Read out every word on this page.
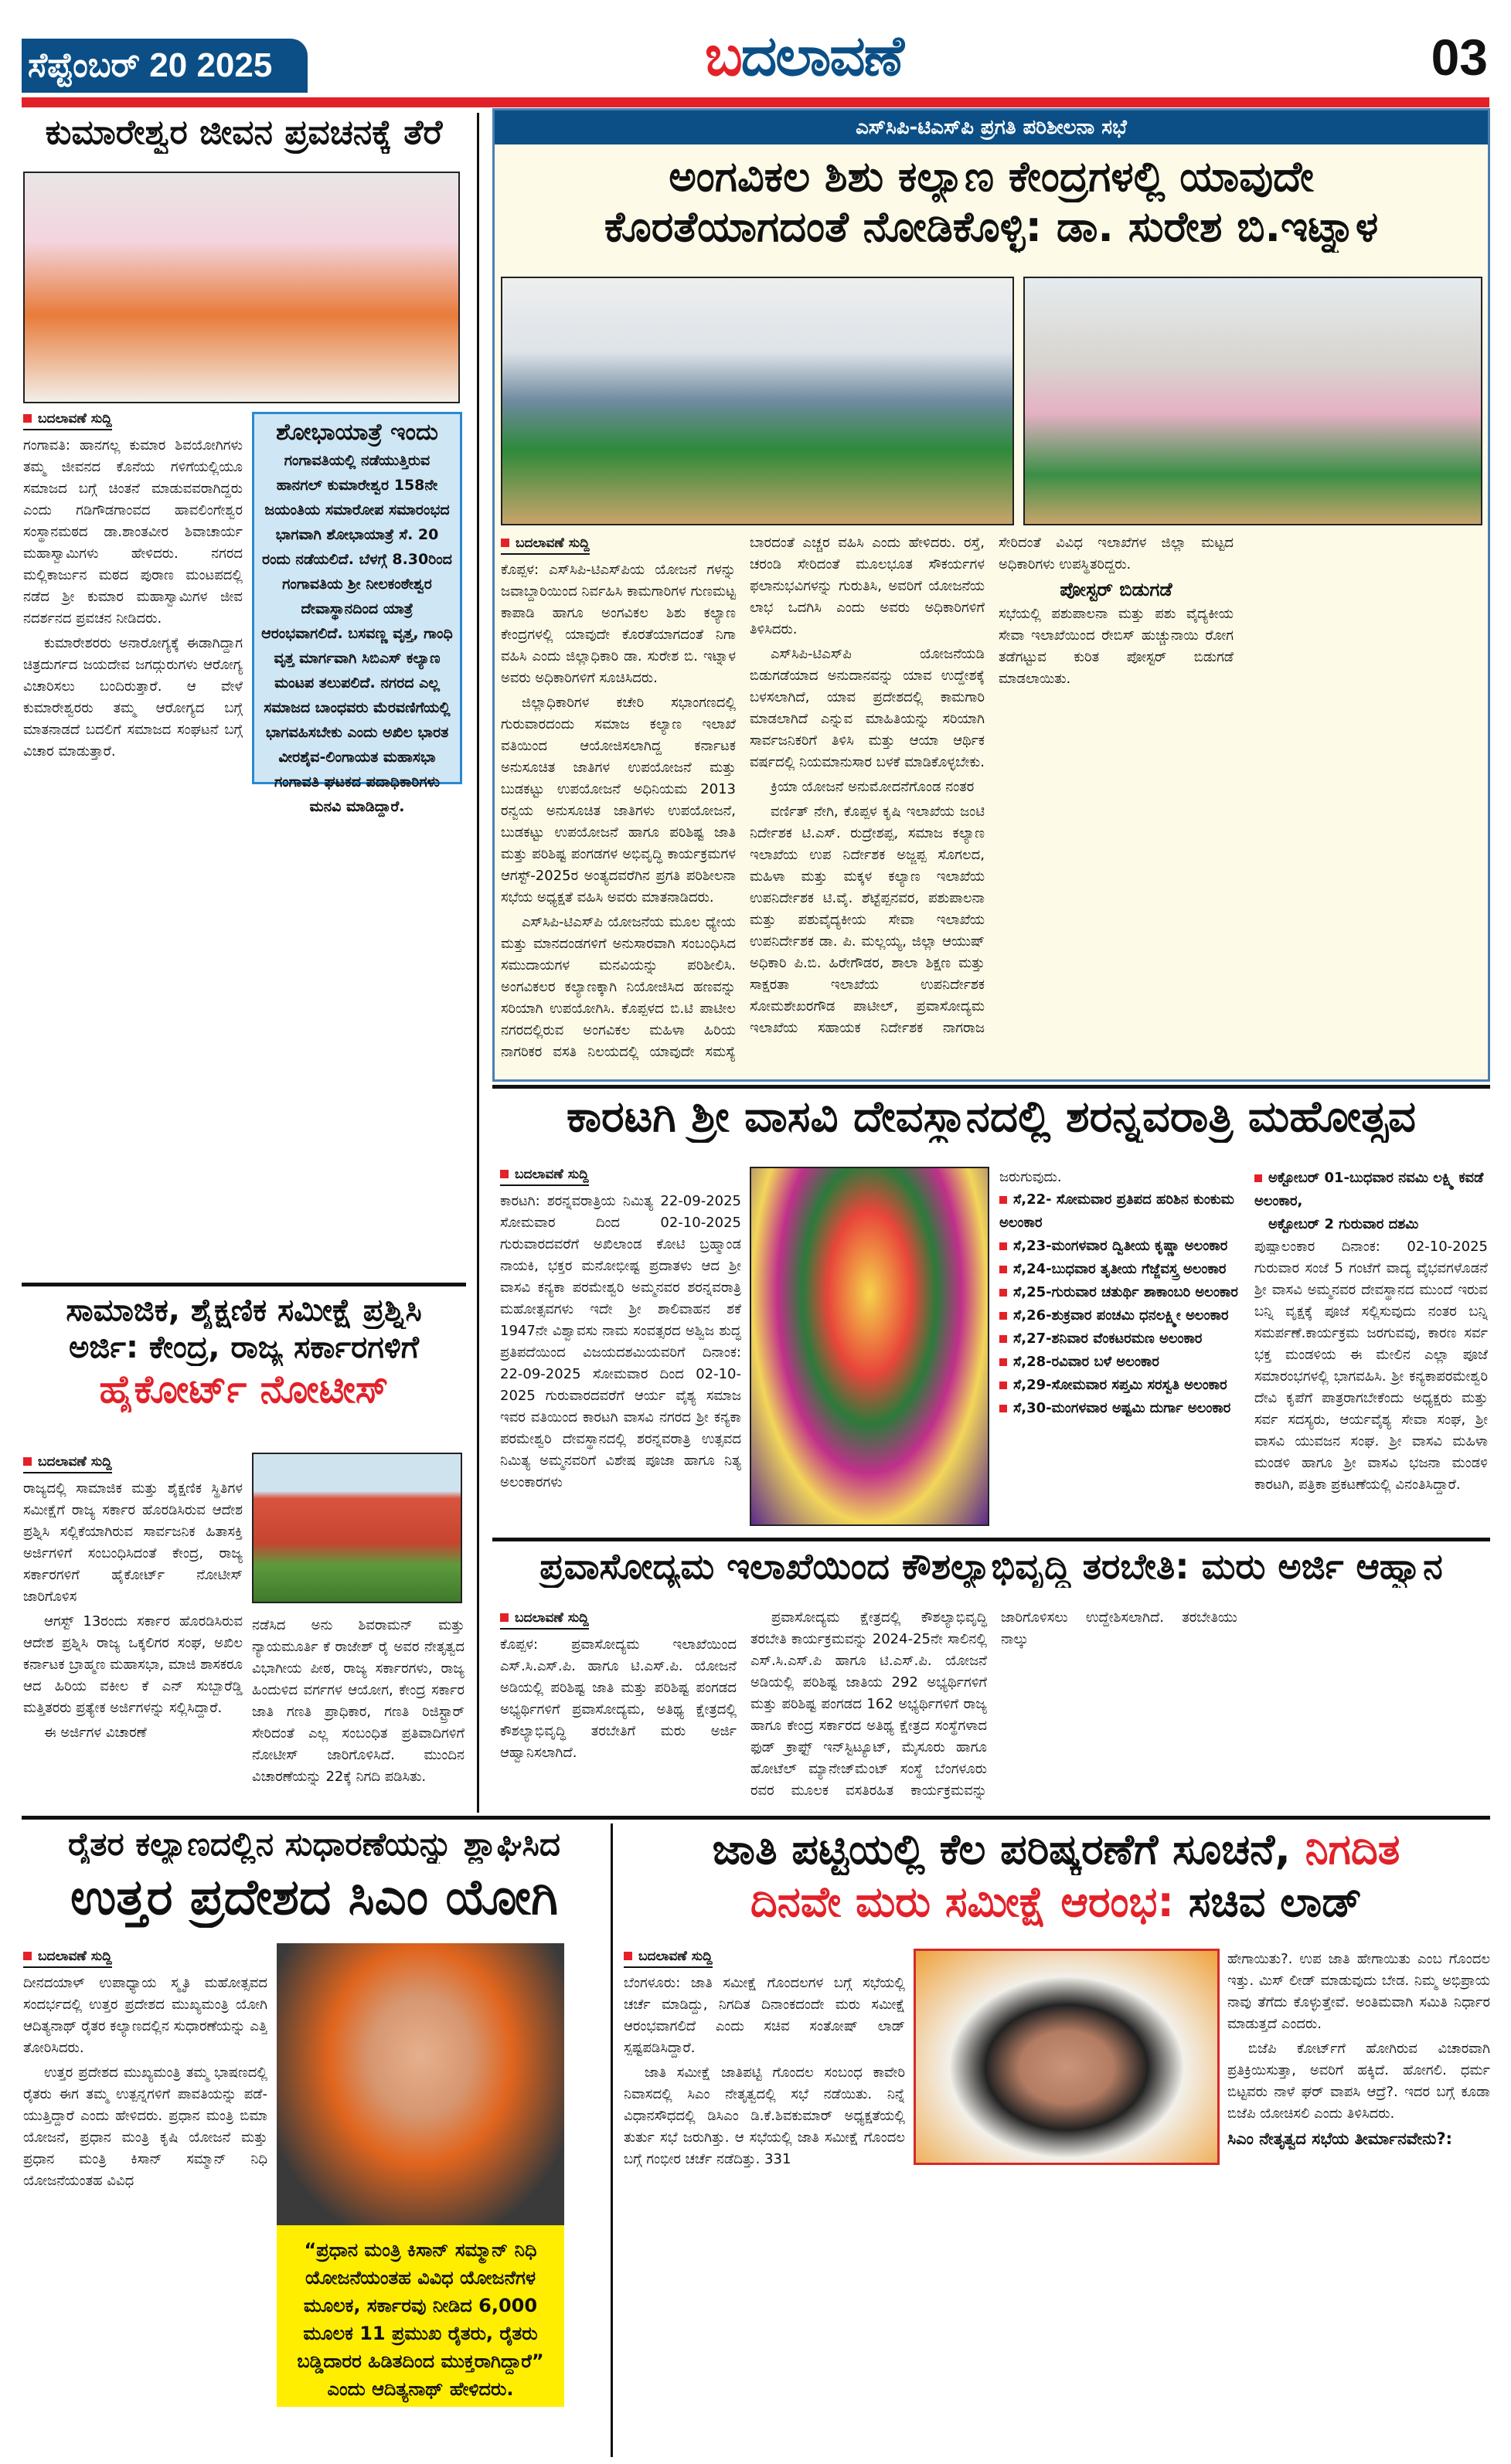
ಸೆಪ್ಟೆಂಬರ್ 20 2025	ಬದಲಾವಣೆ	03
ಕುಮಾರೇಶ್ವರ ಜೀವನ ಪ್ರವಚನಕ್ಕೆ ತೆರೆ
ಬದಲಾವಣೆ ಸುದ್ದಿ

ಗಂಗಾವತಿ: ಹಾನಗಲ್ಲ ಕುಮಾರ ಶಿವಯೋಗಿಗಳು ತಮ್ಮ ಜೀವನದ ಕೊನೆಯ ಗಳಿಗೆಯಲ್ಲಿಯೂ ಸಮಾಜದ ಬಗ್ಗೆ ಚಿಂತನೆ ಮಾಡುವವರಾಗಿದ್ದರು ಎಂದು ಗಡಿಗೌಡಗಾಂವದ ಹಾವಲಿಂಗೇಶ್ವರ ಸಂಸ್ಥಾನಮಠದ ಡಾ.ಶಾಂತವೀರ ಶಿವಾಚಾರ್ಯ ಮಹಾಸ್ವಾಮಿಗಳು ಹೇಳಿದರು. ನಗರದ ಮಲ್ಲಿಕಾರ್ಜುನ ಮಠದ ಪುರಾಣ ಮಂಟಪದಲ್ಲಿ ನಡೆದ ಶ್ರೀ ಕುಮಾರ ಮಹಾಸ್ವಾಮಿಗಳ ಜೀವ ನದರ್ಶನದ ಪ್ರವಚನ ನೀಡಿದರು.

ಕುಮಾರೇಶರರು ಅನಾರೋಗ್ಯಕ್ಕೆ ಈಡಾಗಿದ್ದಾಗ ಚಿತ್ರದುರ್ಗದ ಜಯದೇವ ಜಗದ್ಗುರುಗಳು ಆರೋಗ್ಯ ವಿಚಾರಿಸಲು ಬಂದಿರುತ್ತಾರೆ. ಆ ವೇಳೆ ಕುಮಾರೇಶ್ವರರು ತಮ್ಮ ಆರೋಗ್ಯದ ಬಗ್ಗೆ ಮಾತನಾಡದೆ ಬದಲಿಗೆ ಸಮಾಜದ ಸಂಘಟನೆ ಬಗ್ಗೆ ವಿಚಾರ ಮಾಡುತ್ತಾರೆ.

ಶೋಭಾಯಾತ್ರೆ ಇಂದು
ಗಂಗಾವತಿಯಲ್ಲಿ ನಡೆಯುತ್ತಿರುವ ಹಾನಗಲ್ ಕುಮಾರೇಶ್ವರ 158ನೇ ಜಯಂತಿಯ ಸಮಾರೋಪ ಸಮಾರಂಭದ ಭಾಗವಾಗಿ ಶೋಭಾಯಾತ್ರೆ ಸೆ. 20 ರಂದು ನಡೆಯಲಿದೆ. ಬೆಳಗ್ಗೆ 8.30ರಿಂದ ಗಂಗಾವತಿಯ ಶ್ರೀ ನೀಲಕಂಠೇಶ್ವರ ದೇವಾಸ್ಥಾನದಿಂದ ಯಾತ್ರೆ ಆರಂಭವಾಗಲಿದೆ. ಬಸವಣ್ಣ ವೃತ್ತ, ಗಾಂಧಿ ವೃತ್ತ ಮಾರ್ಗವಾಗಿ ಸಿಬಿಎಸ್ ಕಲ್ಯಾಣ ಮಂಟಪ ತಲುಪಲಿದೆ. ನಗರದ ಎಲ್ಲ ಸಮಾಜದ ಬಾಂಧವರು ಮೆರವಣಿಗೆಯಲ್ಲಿ ಭಾಗವಹಿಸಬೇಕು ಎಂದು ಅಖಿಲ ಭಾರತ ವೀರಶೈವ-ಲಿಂಗಾಯತ ಮಹಾಸಭಾ ಗಂಗಾವತಿ ಘಟಕದ ಪದಾಧಿಕಾರಿಗಳು ಮನವಿ ಮಾಡಿದ್ದಾರೆ.
ಸಾಮಾಜಿಕ, ಶೈಕ್ಷಣಿಕ ಸಮೀಕ್ಷೆ ಪ್ರಶ್ನಿಸಿ
ಅರ್ಜಿ: ಕೇಂದ್ರ, ರಾಜ್ಯ ಸರ್ಕಾರಗಳಿಗೆ
ಹೈಕೋರ್ಟ್ ನೋಟೀಸ್
ಬದಲಾವಣೆ ಸುದ್ದಿ

ರಾಜ್ಯದಲ್ಲಿ ಸಾಮಾಜಿಕ ಮತ್ತು ಶೈಕ್ಷಣಿಕ ಸ್ಥಿತಿಗಳ ಸಮೀಕ್ಷೆಗೆ ರಾಜ್ಯ ಸರ್ಕಾರ ಹೊರಡಿಸಿರುವ ಆದೇಶ ಪ್ರಶ್ನಿಸಿ ಸಲ್ಲಿಕೆಯಾಗಿರುವ ಸಾರ್ವಜನಿಕ ಹಿತಾಸಕ್ತಿ ಅರ್ಜಿಗಳಿಗೆ ಸಂಬಂಧಿಸಿದಂತೆ ಕೇಂದ್ರ, ರಾಜ್ಯ ಸರ್ಕಾರಗಳಿಗೆ ಹೈಕೋರ್ಟ್ ನೋಟೀಸ್ ಜಾರಿಗೊಳಿಸ

ಆಗಸ್ಟ್ 13ರಂದು ಸರ್ಕಾರ ಹೊರಡಿಸಿರುವ ಆದೇಶ ಪ್ರಶ್ನಿಸಿ ರಾಜ್ಯ ಒಕ್ಕಲಿಗರ ಸಂಘ, ಅಖಿಲ ಕರ್ನಾಟಕ ಬ್ರಾಹ್ಮಣ ಮಹಾಸಭಾ, ಮಾಜಿ ಶಾಸಕರೂ ಆದ ಹಿರಿಯ ವಕೀಲ ಕೆ ಎನ್ ಸುಬ್ಬಾರೆಡ್ಡಿ ಮತ್ತಿತರರು ಪ್ರತ್ಯೇಕ ಅರ್ಜಿಗಳನ್ನು ಸಲ್ಲಿಸಿದ್ದಾರೆ.

ಈ ಅರ್ಜಿಗಳ ವಿಚಾರಣೆ

ನಡೆಸಿದ ಅನು ಶಿವರಾಮನ್ ಮತ್ತು ನ್ಯಾಯಮೂರ್ತಿ ಕೆ ರಾಜೇಶ್ ರೈ ಅವರ ನೇತೃತ್ವದ ವಿಭಾಗೀಯ ಪೀಠ, ರಾಜ್ಯ ಸರ್ಕಾರಗಳು, ರಾಜ್ಯ ಹಿಂದುಳಿದ ವರ್ಗಗಳ ಆಯೋಗ, ಕೇಂದ್ರ ಸರ್ಕಾರ ಜಾತಿ ಗಣತಿ ಪ್ರಾಧಿಕಾರ, ಗಣತಿ ರಿಜಿಸ್ಟ್ರಾರ್ ಸೇರಿದಂತೆ ಎಲ್ಲ ಸಂಬಂಧಿತ ಪ್ರತಿವಾದಿಗಳಿಗೆ ನೋಟೀಸ್ ಜಾರಿಗೊಳಿಸಿದೆ. ಮುಂದಿನ ವಿಚಾರಣೆಯನ್ನು 22ಕ್ಕೆ ನಿಗದಿ ಪಡಿಸಿತು.

ಎಸ್‌ಸಿಪಿ-ಟಿಎಸ್‌ಪಿ ಪ್ರಗತಿ ಪರಿಶೀಲನಾ ಸಭೆ
ಅಂಗವಿಕಲ ಶಿಶು ಕಲ್ಯಾಣ ಕೇಂದ್ರಗಳಲ್ಲಿ ಯಾವುದೇ
ಕೊರತೆಯಾಗದಂತೆ ನೋಡಿಕೊಳ್ಳಿ: ಡಾ. ಸುರೇಶ ಬಿ.ಇಟ್ನಾಳ
ಬದಲಾವಣೆ ಸುದ್ದಿ

ಕೊಪ್ಪಳ: ಎಸ್‌ಸಿಪಿ-ಟಿಎಸ್‌ಪಿಯ ಯೋಜನೆ ಗಳನ್ನು ಜವಾಬ್ದಾರಿಯಿಂದ ನಿರ್ವಹಿಸಿ ಕಾಮಗಾರಿಗಳ ಗುಣಮಟ್ಟ ಕಾಪಾಡಿ ಹಾಗೂ ಅಂಗವಿಕಲ ಶಿಶು ಕಲ್ಯಾಣ ಕೇಂದ್ರಗಳಲ್ಲಿ ಯಾವುದೇ ಕೊರತೆಯಾಗದಂತೆ ನಿಗಾ ವಹಿಸಿ ಎಂದು ಜಿಲ್ಲಾಧಿಕಾರಿ ಡಾ. ಸುರೇಶ ಬಿ. ಇಟ್ನಾಳ ಅವರು ಅಧಿಕಾರಿಗಳಿಗೆ ಸೂಚಿಸಿದರು.

ಜಿಲ್ಲಾಧಿಕಾರಿಗಳ ಕಚೇರಿ ಸಭಾಂಗಣದಲ್ಲಿ ಗುರುವಾರದಂದು ಸಮಾಜ ಕಲ್ಯಾಣ ಇಲಾಖೆ ವತಿಯಿಂದ ಆಯೋಜಿಸಲಾಗಿದ್ದ ಕರ್ನಾಟಕ ಅನುಸೂಚಿತ ಜಾತಿಗಳ ಉಪಯೋಜನೆ ಮತ್ತು ಬುಡಕಟ್ಟು ಉಪಯೋಜನೆ ಅಧಿನಿಯಮ 2013 ರನ್ವಯ ಅನುಸೂಚಿತ ಜಾತಿಗಳು ಉಪಯೋಜನೆ, ಬುಡಕಟ್ಟು ಉಪಯೋಜನೆ ಹಾಗೂ ಪರಿಶಿಷ್ಟ ಜಾತಿ ಮತ್ತು ಪರಿಶಿಷ್ಟ ಪಂಗಡಗಳ ಅಭಿವೃದ್ಧಿ ಕಾರ್ಯಕ್ರಮಗಳ ಆಗಸ್ಟ್-2025ರ ಅಂತ್ಯದವರೆಗಿನ ಪ್ರಗತಿ ಪರಿಶೀಲನಾ ಸಭೆಯ ಅಧ್ಯಕ್ಷತೆ ವಹಿಸಿ ಅವರು ಮಾತನಾಡಿದರು.

ಎಸ್‌ಸಿಪಿ-ಟಿಎಸ್‌ಪಿ ಯೋಜನೆಯ ಮೂಲ ಧ್ಯೇಯ ಮತ್ತು ಮಾನದಂಡಗಳಿಗೆ ಅನುಸಾರವಾಗಿ ಸಂಬಂಧಿಸಿದ ಸಮುದಾಯಗಳ ಮನವಿಯನ್ನು ಪರಿಶೀಲಿಸಿ. ಅಂಗವಿಕಲರ ಕಲ್ಯಾಣಕ್ಕಾಗಿ ನಿಯೋಜಿಸಿದ ಹಣವನ್ನು ಸರಿಯಾಗಿ ಉಪಯೋಗಿಸಿ. ಕೊಪ್ಪಳದ ಬಿ.ಟಿ ಪಾಟೀಲ ನಗರದಲ್ಲಿರುವ ಅಂಗವಿಕಲ ಮಹಿಳಾ ಹಿರಿಯ ನಾಗರಿಕರ ವಸತಿ ನಿಲಯದಲ್ಲಿ ಯಾವುದೇ ಸಮಸ್ಯೆ ಬಾರದಂತೆ ಎಚ್ಚರ ವಹಿಸಿ ಎಂದು ಹೇಳಿದರು. ರಸ್ತೆ, ಚರಂಡಿ ಸೇರಿದಂತೆ ಮೂಲಭೂತ ಸೌಕರ್ಯಗಳ ಫಲಾನುಭವಿಗಳನ್ನು ಗುರುತಿಸಿ, ಅವರಿಗೆ ಯೋಜನೆಯ ಲಾಭ ಒದಗಿಸಿ ಎಂದು ಅವರು ಅಧಿಕಾರಿಗಳಿಗೆ ತಿಳಿಸಿದರು.

ಎಸ್‌ಸಿಪಿ-ಟಿಎಸ್‌ಪಿ ಯೋಜನೆಯಡಿ ಬಿಡುಗಡೆಯಾದ ಅನುದಾನವನ್ನು ಯಾವ ಉದ್ದೇಶಕ್ಕೆ ಬಳಸಲಾಗಿದೆ, ಯಾವ ಪ್ರದೇಶದಲ್ಲಿ ಕಾಮಗಾರಿ ಮಾಡಲಾಗಿದೆ ಎನ್ನುವ ಮಾಹಿತಿಯನ್ನು ಸರಿಯಾಗಿ ಸಾರ್ವಜನಿಕರಿಗೆ ತಿಳಿಸಿ ಮತ್ತು ಆಯಾ ಆರ್ಥಿಕ ವರ್ಷದಲ್ಲಿ ನಿಯಮಾನುಸಾರ ಬಳಕೆ ಮಾಡಿಕೊಳ್ಳಬೇಕು.

ಕ್ರಿಯಾ ಯೋಜನೆ ಅನುಮೋದನೆಗೊಂಡ ನಂತರ

ವರ್ಣಿತ್ ನೇಗಿ, ಕೊಪ್ಪಳ ಕೃಷಿ ಇಲಾಖೆಯ ಜಂಟಿ ನಿರ್ದೇಶಕ ಟಿ.ಎಸ್. ರುದ್ರೇಶಪ್ಪ, ಸಮಾಜ ಕಲ್ಯಾಣ ಇಲಾಖೆಯ ಉಪ ನಿರ್ದೇಶಕ ಅಜ್ಜಪ್ಪ ಸೊಗಲದ, ಮಹಿಳಾ ಮತ್ತು ಮಕ್ಕಳ ಕಲ್ಯಾಣ ಇಲಾಖೆಯ ಉಪನಿರ್ದೇಶಕ ಟಿ.ವೈ. ಶೆಟ್ಟೆಪ್ಪನವರ, ಪಶುಪಾಲನಾ ಮತ್ತು ಪಶುವೈದ್ಯಕೀಯ ಸೇವಾ ಇಲಾಖೆಯ ಉಪನಿರ್ದೇಶಕ ಡಾ. ಪಿ. ಮಲ್ಲಯ್ಯ, ಜಿಲ್ಲಾ ಆಯುಷ್ ಅಧಿಕಾರಿ ಪಿ.ಬಿ. ಹಿರೇಗೌಡರ, ಶಾಲಾ ಶಿಕ್ಷಣ ಮತ್ತು ಸಾಕ್ಷರತಾ ಇಲಾಖೆಯ ಉಪನಿರ್ದೇಶಕ ಸೋಮಶೇಖರಗೌಡ ಪಾಟೀಲ್, ಪ್ರವಾಸೋದ್ಯಮ ಇಲಾಖೆಯ ಸಹಾಯಕ ನಿರ್ದೇಶಕ ನಾಗರಾಜ ಸೇರಿದಂತೆ ವಿವಿಧ ಇಲಾಖೆಗಳ ಜಿಲ್ಲಾ ಮಟ್ಟದ ಅಧಿಕಾರಿಗಳು ಉಪಸ್ಥಿತರಿದ್ದರು.

ಪೋಸ್ಟರ್ ಬಿಡುಗಡೆ

ಸಭೆಯಲ್ಲಿ ಪಶುಪಾಲನಾ ಮತ್ತು ಪಶು ವೈದ್ಯಕೀಯ ಸೇವಾ ಇಲಾಖೆಯಿಂದ ರೇಬಿಸ್ ಹುಚ್ಚುನಾಯಿ ರೋಗ ತಡೆಗಟ್ಟುವ ಕುರಿತ ಪೋಸ್ಟರ್ ಬಿಡುಗಡೆ ಮಾಡಲಾಯಿತು.

ಕಾರಟಗಿ ಶ್ರೀ ವಾಸವಿ ದೇವಸ್ಥಾನದಲ್ಲಿ ಶರನ್ನವರಾತ್ರಿ ಮಹೋತ್ಸವ
ಬದಲಾವಣೆ ಸುದ್ದಿ

ಕಾರಟಗಿ: ಶರನ್ನವರಾತ್ರಿಯ ನಿಮಿತ್ಯ 22-09-2025 ಸೋಮವಾರ ದಿಂದ 02-10-2025 ಗುರುವಾರದವರೆಗೆ ಅಖಿಲಾಂಡ ಕೋಟಿ ಬ್ರಹ್ಮಾಂಡ ನಾಯಕಿ, ಭಕ್ತರ ಮನೋಭೀಷ್ಟ ಪ್ರದಾತಳು ಆದ ಶ್ರೀ ವಾಸವಿ ಕನ್ಯಕಾ ಪರಮೇಶ್ವರಿ ಅಮ್ಮನವರ ಶರನ್ನವರಾತ್ರಿ ಮಹೋತ್ಸವಗಳು ಇದೇ ಶ್ರೀ ಶಾಲಿವಾಹನ ಶಕೆ 1947ನೇ ವಿಶ್ವಾವಸು ನಾಮ ಸಂವತ್ಸರದ ಅಶ್ವಿಜ ಶುದ್ಧ ಪ್ರತಿಪದೆಯಿಂದ ವಿಜಯದಶಮಿಯವರಿಗೆ ದಿನಾಂಕ: 22-09-2025 ಸೋಮವಾರ ದಿಂದ 02-10-2025 ಗುರುವಾರದವರೆಗೆ ಆರ್ಯ ವೈಶ್ಯ ಸಮಾಜ ಇವರ ವತಿಯಿಂದ ಕಾರಟಗಿ ವಾಸವಿ ನಗರದ ಶ್ರೀ ಕನ್ಯಕಾ ಪರಮೇಶ್ವರಿ ದೇವಸ್ಥಾನದಲ್ಲಿ ಶರನ್ನವರಾತ್ರಿ ಉತ್ಸವದ ನಿಮಿತ್ಯ ಅಮ್ಮನವರಿಗೆ ವಿಶೇಷ ಪೂಜಾ ಹಾಗೂ ನಿತ್ಯ ಅಲಂಕಾರಗಳು

ಜರುಗುವುದು.
ಸೆ,22- ಸೋಮವಾರ ಪ್ರತಿಪದ ಹರಿಶಿನ ಕುಂಕುಮ ಅಲಂಕಾರ
ಸೆ,23-ಮಂಗಳವಾರ ದ್ವಿತೀಯ ಕೃಷ್ಣಾ ಅಲಂಕಾರ
ಸೆ,24-ಬುಧವಾರ ತೃತೀಯ ಗೆಜ್ಜೆವಸ್ತ್ರ ಅಲಂಕಾರ
ಸೆ,25-ಗುರುವಾರ ಚತುರ್ಥಿ ಶಾಕಾಂಬರಿ ಅಲಂಕಾರ
ಸೆ,26-ಶುಕ್ರವಾರ ಪಂಚಮಿ ಧನಲಕ್ಷ್ಮೀ ಅಲಂಕಾರ
ಸೆ,27-ಶನಿವಾರ ವೆಂಕಟರಮಣ ಅಲಂಕಾರ
ಸೆ,28-ರವಿವಾರ ಬಳೆ ಅಲಂಕಾರ
ಸೆ,29-ಸೋಮವಾರ ಸಪ್ತಮಿ ಸರಸ್ವತಿ ಅಲಂಕಾರ
ಸೆ,30-ಮಂಗಳವಾರ ಅಷ್ಟಮಿ ದುರ್ಗಾ ಅಲಂಕಾರ
ಅಕ್ಟೋಬರ್ 01-ಬುಧವಾರ ನವಮಿ ಲಕ್ಷ್ಮಿ ಕವಡೆ ಅಲಂಕಾರ,
ಅಕ್ಟೋಬರ್ 2 ಗುರುವಾರ ದಶಮಿ

ಪುಷ್ಪಾಲಂಕಾರ ದಿನಾಂಕ: 02-10-2025 ಗುರುವಾರ ಸಂಜೆ 5 ಗಂಟೆಗೆ ವಾದ್ಯ ವೈಭವಗಳೊಡನೆ ಶ್ರೀ ವಾಸವಿ ಅಮ್ಮನವರ ದೇವಸ್ಥಾನದ ಮುಂದೆ ಇರುವ ಬನ್ನಿ ವೃಕ್ಷಕ್ಕೆ ಪೂಜೆ ಸಲ್ಲಿಸುವುದು ನಂತರ ಬನ್ನಿ ಸಮರ್ಪಣೆ.ಕಾರ್ಯಕ್ರಮ ಜರಗುವವು, ಕಾರಣ ಸರ್ವ ಭಕ್ತ ಮಂಡಳಿಯ ಈ ಮೇಲಿನ ಎಲ್ಲಾ ಪೂಜೆ ಸಮಾರಂಭಗಳಲ್ಲಿ ಭಾಗವಹಿಸಿ. ಶ್ರೀ ಕನ್ಯಕಾಪರಮೇಶ್ವರಿ ದೇವಿ ಕೃಪೆಗೆ ಪಾತ್ರರಾಗಬೇಕೆಂದು ಅಧ್ಯಕ್ಷರು ಮತ್ತು ಸರ್ವ ಸದಸ್ಯರು, ಆರ್ಯವೈಶ್ಯ ಸೇವಾ ಸಂಘ, ಶ್ರೀ ವಾಸವಿ ಯುವಜನ ಸಂಘ. ಶ್ರೀ ವಾಸವಿ ಮಹಿಳಾ ಮಂಡಳಿ ಹಾಗೂ ಶ್ರೀ ವಾಸವಿ ಭಜನಾ ಮಂಡಳಿ ಕಾರಟಗಿ, ಪತ್ರಿಕಾ ಪ್ರಕಟಣೆಯಲ್ಲಿ ವಿನಂತಿಸಿದ್ದಾರೆ.

ಪ್ರವಾಸೋದ್ಯಮ ಇಲಾಖೆಯಿಂದ ಕೌಶಲ್ಯಾಭಿವೃದ್ಧಿ ತರಬೇತಿ: ಮರು ಅರ್ಜಿ ಆಹ್ವಾನ
ಬದಲಾವಣೆ ಸುದ್ದಿ

ಕೊಪ್ಪಳ: ಪ್ರವಾಸೋದ್ಯಮ ಇಲಾಖೆಯಿಂದ ಎಸ್.ಸಿ.ಎಸ್.ಪಿ. ಹಾಗೂ ಟಿ.ಎಸ್.ಪಿ. ಯೋಜನೆ ಅಡಿಯಲ್ಲಿ ಪರಿಶಿಷ್ಟ ಜಾತಿ ಮತ್ತು ಪರಿಶಿಷ್ಟ ಪಂಗಡದ ಅಭ್ಯರ್ಥಿಗಳಿಗೆ ಪ್ರವಾಸೋದ್ಯಮ, ಅತಿಥ್ಯ ಕ್ಷೇತ್ರದಲ್ಲಿ ಕೌಶಲ್ಯಾಭಿವೃದ್ಧಿ ತರಬೇತಿಗೆ ಮರು ಅರ್ಜಿ ಆಹ್ವಾನಿಸಲಾಗಿದೆ.

ಪ್ರವಾಸೋದ್ಯಮ ಕ್ಷೇತ್ರದಲ್ಲಿ ಕೌಶಲ್ಯಾಭಿವೃದ್ಧಿ ತರಬೇತಿ ಕಾರ್ಯಕ್ರಮವನ್ನು 2024-25ನೇ ಸಾಲಿನಲ್ಲಿ ಎಸ್.ಸಿ.ಎಸ್.ಪಿ ಹಾಗೂ ಟಿ.ಎಸ್.ಪಿ. ಯೋಜನೆ ಅಡಿಯಲ್ಲಿ ಪರಿಶಿಷ್ಟ ಜಾತಿಯ 292 ಅಭ್ಯರ್ಥಿಗಳಿಗೆ ಮತ್ತು ಪರಿಶಿಷ್ಟ ಪಂಗಡದ 162 ಅಭ್ಯರ್ಥಿಗಳಿಗೆ ರಾಜ್ಯ ಹಾಗೂ ಕೇಂದ್ರ ಸರ್ಕಾರದ ಅತಿಥ್ಯ ಕ್ಷೇತ್ರದ ಸಂಸ್ಥೆಗಳಾದ ಫುಡ್ ಕ್ರಾಫ್ಟ್ ಇನ್‌ಸ್ಟಿಟ್ಯೂಟ್, ಮೈಸೂರು ಹಾಗೂ ಹೋಟೆಲ್ ಮ್ಯಾನೇಜ್‌ಮೆಂಟ್ ಸಂಸ್ಥೆ ಬೆಂಗಳೂರು ರವರ ಮೂಲಕ ವಸತಿರಹಿತ ಕಾರ್ಯಕ್ರಮವನ್ನು ಜಾರಿಗೊಳಿಸಲು ಉದ್ದೇಶಿಸಲಾಗಿದೆ. ತರಬೇತಿಯು ನಾಲ್ಕು

ರೈತರ ಕಲ್ಯಾಣದಲ್ಲಿನ ಸುಧಾರಣೆಯನ್ನು ಶ್ಲಾಘಿಸಿದ
ಉತ್ತರ ಪ್ರದೇಶದ ಸಿಎಂ ಯೋಗಿ
ಬದಲಾವಣೆ ಸುದ್ದಿ

ದೀನದಯಾಳ್ ಉಪಾಧ್ಯಾಯ ಸ್ಮೃತಿ ಮಹೋತ್ಸವದ ಸಂದರ್ಭದಲ್ಲಿ ಉತ್ತರ ಪ್ರದೇಶದ ಮುಖ್ಯಮಂತ್ರಿ ಯೋಗಿ ಆದಿತ್ಯನಾಥ್ ರೈತರ ಕಲ್ಯಾಣದಲ್ಲಿನ ಸುಧಾರಣೆಯನ್ನು ಎತ್ತಿ ತೋರಿಸಿದರು.

ಉತ್ತರ ಪ್ರದೇಶದ ಮುಖ್ಯಮಂತ್ರಿ ತಮ್ಮ ಭಾಷಣದಲ್ಲಿ ರೈತರು ಈಗ ತಮ್ಮ ಉತ್ಪನ್ನಗಳಿಗೆ ಪಾವತಿಯನ್ನು ಪಡೆ-ಯುತ್ತಿದ್ದಾರೆ ಎಂದು ಹೇಳಿದರು. ಪ್ರಧಾನ ಮಂತ್ರಿ ಬಿಮಾ ಯೋಜನೆ, ಪ್ರಧಾನ ಮಂತ್ರಿ ಕೃಷಿ ಯೋಜನೆ ಮತ್ತು ಪ್ರಧಾನ ಮಂತ್ರಿ ಕಿಸಾನ್ ಸಮ್ಮಾನ್ ನಿಧಿ ಯೋಜನೆಯಂತಹ ವಿವಿಧ

“ಪ್ರಧಾನ ಮಂತ್ರಿ ಕಿಸಾನ್ ಸಮ್ಮಾನ್ ನಿಧಿ ಯೋಜನೆಯಂತಹ ವಿವಿಧ ಯೋಜನೆಗಳ ಮೂಲಕ, ಸರ್ಕಾರವು ನೀಡಿದ 6,000 ಮೂಲಕ 11 ಪ್ರಮುಖ ರೈತರು, ರೈತರು ಬಡ್ಡಿದಾರರ ಹಿಡಿತದಿಂದ ಮುಕ್ತರಾಗಿದ್ದಾರೆ” ಎಂದು ಆದಿತ್ಯನಾಥ್ ಹೇಳಿದರು.
ಜಾತಿ ಪಟ್ಟಿಯಲ್ಲಿ ಕೆಲ ಪರಿಷ್ಕರಣೆಗೆ ಸೂಚನೆ, ನಿಗದಿತ
ದಿನವೇ ಮರು ಸಮೀಕ್ಷೆ ಆರಂಭ: ಸಚಿವ ಲಾಡ್
ಬದಲಾವಣೆ ಸುದ್ದಿ

ಬೆಂಗಳೂರು: ಜಾತಿ ಸಮೀಕ್ಷೆ ಗೊಂದಲಗಳ ಬಗ್ಗೆ ಸಭೆಯಲ್ಲಿ ಚರ್ಚೆ ಮಾಡಿದ್ದು, ನಿಗದಿತ ದಿನಾಂಕದಂದೇ ಮರು ಸಮೀಕ್ಷೆ ಆರಂಭವಾಗಲಿದೆ ಎಂದು ಸಚಿವ ಸಂತೋಷ್ ಲಾಡ್ ಸ್ಪಷ್ಟಪಡಿಸಿದ್ದಾರೆ.

ಜಾತಿ ಸಮೀಕ್ಷೆ ಜಾತಿಪಟ್ಟಿ ಗೊಂದಲ ಸಂಬಂಧ ಕಾವೇರಿ ನಿವಾಸದಲ್ಲಿ ಸಿಎಂ ನೇತೃತ್ವದಲ್ಲಿ ಸಭೆ ನಡೆಯಿತು. ನಿನ್ನೆ ವಿಧಾನಸೌಧದಲ್ಲಿ ಡಿಸಿಎಂ ಡಿ.ಕೆ.ಶಿವಕುಮಾರ್ ಅಧ್ಯಕ್ಷತೆಯಲ್ಲಿ ತುರ್ತು ಸಭೆ ಜರುಗಿತ್ತು. ಆ ಸಭೆಯಲ್ಲಿ ಜಾತಿ ಸಮೀಕ್ಷೆ ಗೊಂದಲ ಬಗ್ಗೆ ಗಂಭೀರ ಚರ್ಚೆ ನಡೆದಿತ್ತು. 331

ಹೇಗಾಯಿತು?. ಉಪ ಜಾತಿ ಹೇಗಾಯಿತು ಎಂಬ ಗೊಂದಲ ಇತ್ತು. ಮಿಸ್ ಲೀಡ್ ಮಾಡುವುದು ಬೇಡ. ನಿಮ್ಮ ಅಭಿಪ್ರಾಯ ನಾವು ತೆಗೆದು ಕೊಳ್ಳುತ್ತೇವೆ. ಅಂತಿಮವಾಗಿ ಸಮಿತಿ ನಿರ್ಧಾರ ಮಾಡುತ್ತದೆ ಎಂದರು.

ಬಿಜೆಪಿ ಕೋರ್ಟ್‌ಗೆ ಹೋಗಿರುವ ವಿಚಾರವಾಗಿ ಪ್ರತಿಕ್ರಿಯಿಸುತ್ತಾ, ಅವರಿಗೆ ಹಕ್ಕಿದೆ. ಹೋಗಲಿ. ಧರ್ಮ ಬಿಟ್ಟವರು ನಾಳೆ ಘರ್ ವಾಪಸಿ ಆದ್ರೆ?. ಇದರ ಬಗ್ಗೆ ಕೂಡಾ ಬಿಜೆಪಿ ಯೋಚಿಸಲಿ ಎಂದು ತಿಳಿಸಿದರು.

ಸಿಎಂ ನೇತೃತ್ವದ ಸಭೆಯ ತೀರ್ಮಾನವೇನು?:
